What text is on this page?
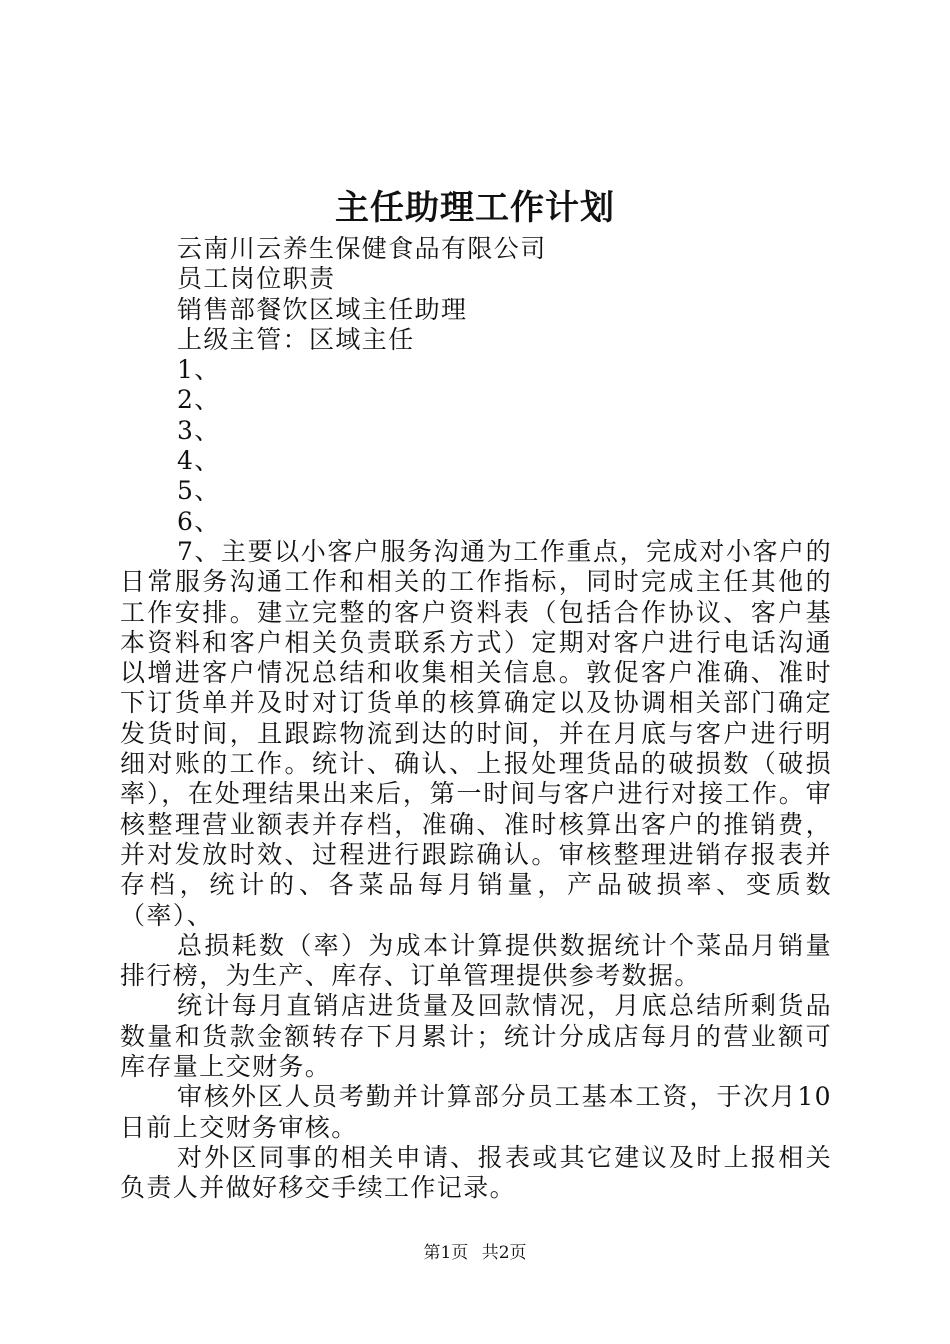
主任助理工作计划

云南川云养生保健食品有限公司

员工岗位职责

销售部餐饮区域主任助理

上级主管：区域主任

1、

2、

3、

4、

5、

6、

7、主要以小客户服务沟通为工作重点，完成对小客户的日常服务沟通工作和相关的工作指标，同时完成主任其他的工作安排。建立完整的客户资料表（包括合作协议、客户基本资料和客户相关负责联系方式）定期对客户进行电话沟通以增进客户情况总结和收集相关信息。敦促客户准确、准时下订货单并及时对订货单的核算确定以及协调相关部门确定发货时间，且跟踪物流到达的时间，并在月底与客户进行明细对账的工作。统计、确认、上报处理货品的破损数（破损率），在处理结果出来后，第一时间与客户进行对接工作。审核整理营业额表并存档，准确、准时核算出客户的推销费，并对发放时效、过程进行跟踪确认。审核整理进销存报表并存档，统计的、各菜品每月销量，产品破损率、变质数（率）、

总损耗数（率）为成本计算提供数据统计个菜品月销量排行榜，为生产、库存、订单管理提供参考数据。

统计每月直销店进货量及回款情况，月底总结所剩货品数量和货款金额转存下月累计；统计分成店每月的营业额可库存量上交财务。

审核外区人员考勤并计算部分员工基本工资，于次月10日前上交财务审核。

对外区同事的相关申请、报表或其它建议及时上报相关负责人并做好移交手续工作记录。

第1页 共2页
